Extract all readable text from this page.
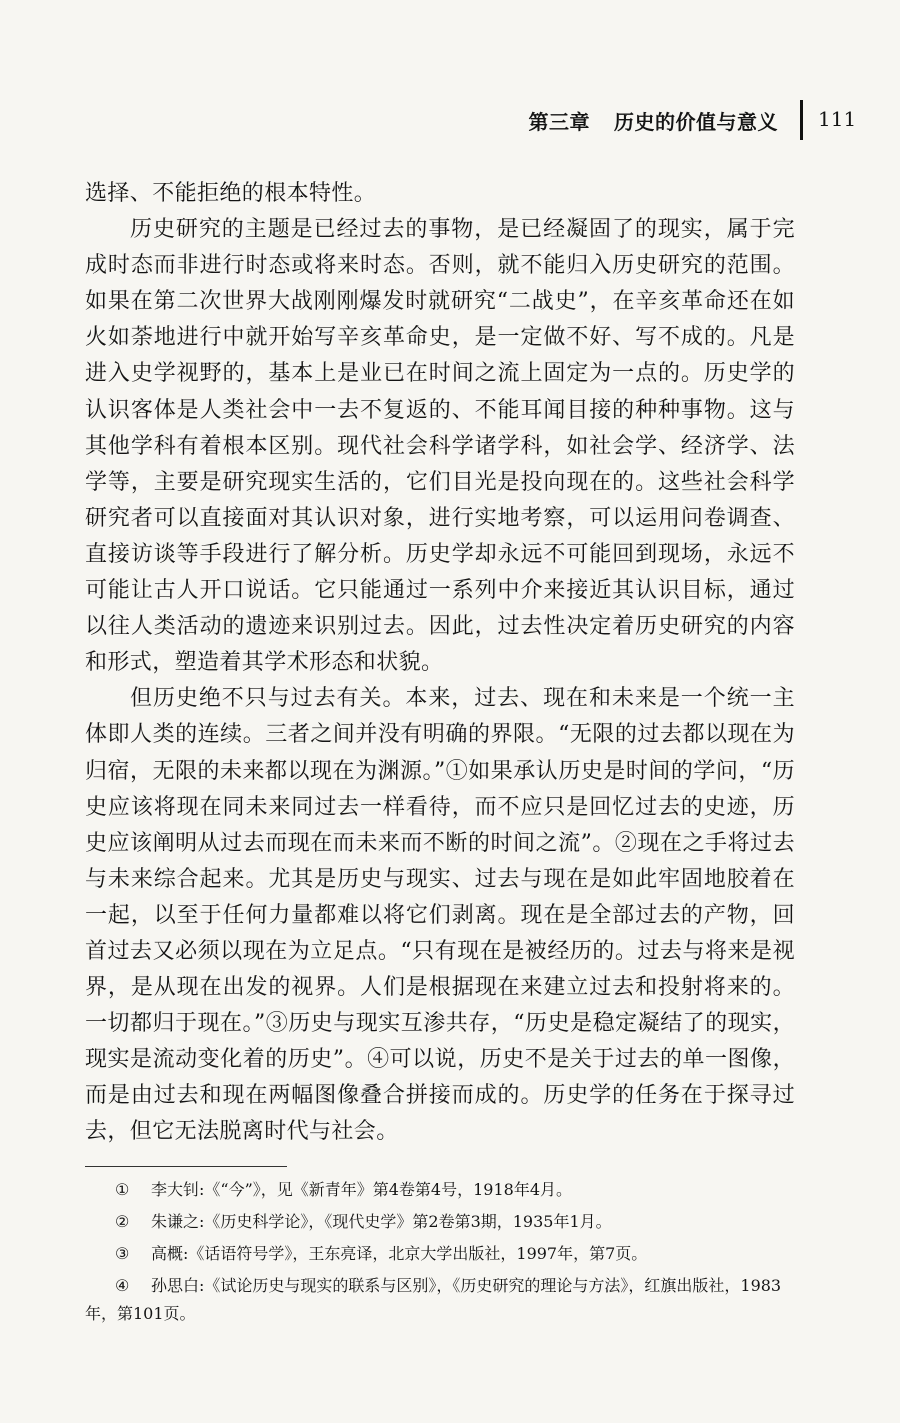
第三章 历史的价值与意义 111

选择、不能拒绝的根本特性。

历史研究的主题是已经过去的事物，是已经凝固了的现实，属于完成时态而非进行时态或将来时态。否则，就不能归入历史研究的范围。如果在第二次世界大战刚刚爆发时就研究“二战史”，在辛亥革命还在如火如荼地进行中就开始写辛亥革命史，是一定做不好、写不成的。凡是进入史学视野的，基本上是业已在时间之流上固定为一点的。历史学的认识客体是人类社会中一去不复返的、不能耳闻目接的种种事物。这与其他学科有着根本区别。现代社会科学诸学科，如社会学、经济学、法学等，主要是研究现实生活的，它们目光是投向现在的。这些社会科学研究者可以直接面对其认识对象，进行实地考察，可以运用问卷调查、直接访谈等手段进行了解分析。历史学却永远不可能回到现场，永远不可能让古人开口说话。它只能通过一系列中介来接近其认识目标，通过以往人类活动的遗迹来识别过去。因此，过去性决定着历史研究的内容和形式，塑造着其学术形态和状貌。

但历史绝不只与过去有关。本来，过去、现在和未来是一个统一主体即人类的连续。三者之间并没有明确的界限。“无限的过去都以现在为归宿，无限的未来都以现在为渊源。”①如果承认历史是时间的学问，“历史应该将现在同未来同过去一样看待，而不应只是回忆过去的史迹，历史应该阐明从过去而现在而未来而不断的时间之流”。②现在之手将过去与未来综合起来。尤其是历史与现实、过去与现在是如此牢固地胶着在一起，以至于任何力量都难以将它们剥离。现在是全部过去的产物，回首过去又必须以现在为立足点。“只有现在是被经历的。过去与将来是视界，是从现在出发的视界。人们是根据现在来建立过去和投射将来的。一切都归于现在。”③历史与现实互渗共存，“历史是稳定凝结了的现实，现实是流动变化着的历史”。④可以说，历史不是关于过去的单一图像，而是由过去和现在两幅图像叠合拼接而成的。历史学的任务在于探寻过去，但它无法脱离时代与社会。

① 李大钊:《“今”》，见《新青年》第4卷第4号，1918年4月。

② 朱谦之:《历史科学论》，《现代史学》第2卷第3期，1935年1月。

③ 高概:《话语符号学》，王东亮译，北京大学出版社，1997年，第7页。

④ 孙思白:《试论历史与现实的联系与区别》，《历史研究的理论与方法》，红旗出版社，1983年，第101页。
